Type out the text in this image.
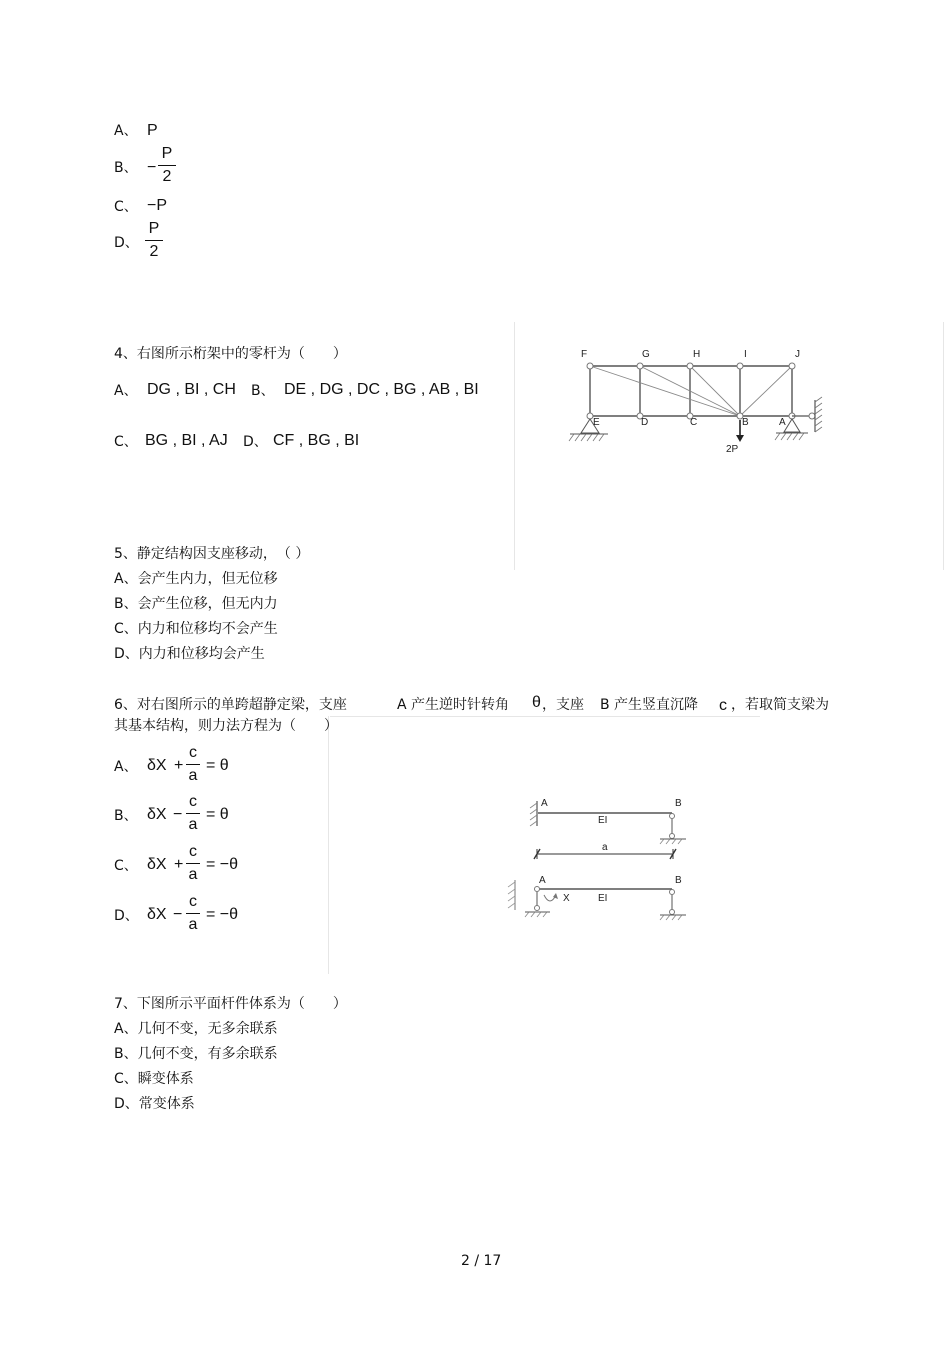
A、 P
B、 −
P
2
C、 −P
D、
P
2
4、右图所示桁架中的零杆为（　　）
A、 DG , BI , CH B、 DE , DG , DC , BG , AB , BI
C、 BG , BI , AJ D、 CF , BG , BI
F	G	H	I	J
E	D	C	B	A
2P
5、静定结构因支座移动，　（ ）
A、会产生内力，但无位移
B、会产生位移，但无内力
C、内力和位移均不会产生
D、内力和位移均会产生
6、对右图所示的单跨超静定梁，支座	A 产生逆时针转角 θ ，支座 B 产生竖直沉降 c ，若取简支梁为
其基本结构，则力法方程为（　　）
A、 δX +
c
a
= θ
B、 δX −
c
a
= θ
C、 δX +
c
a
= −θ
D、 δX −
c
a
= −θ
A	B
EI
a
A	B
X	EI
7、下图所示平面杆件体系为（　　）
A、几何不变，无多余联系
B、几何不变，有多余联系
C、瞬变体系
D、常变体系
2 / 17
